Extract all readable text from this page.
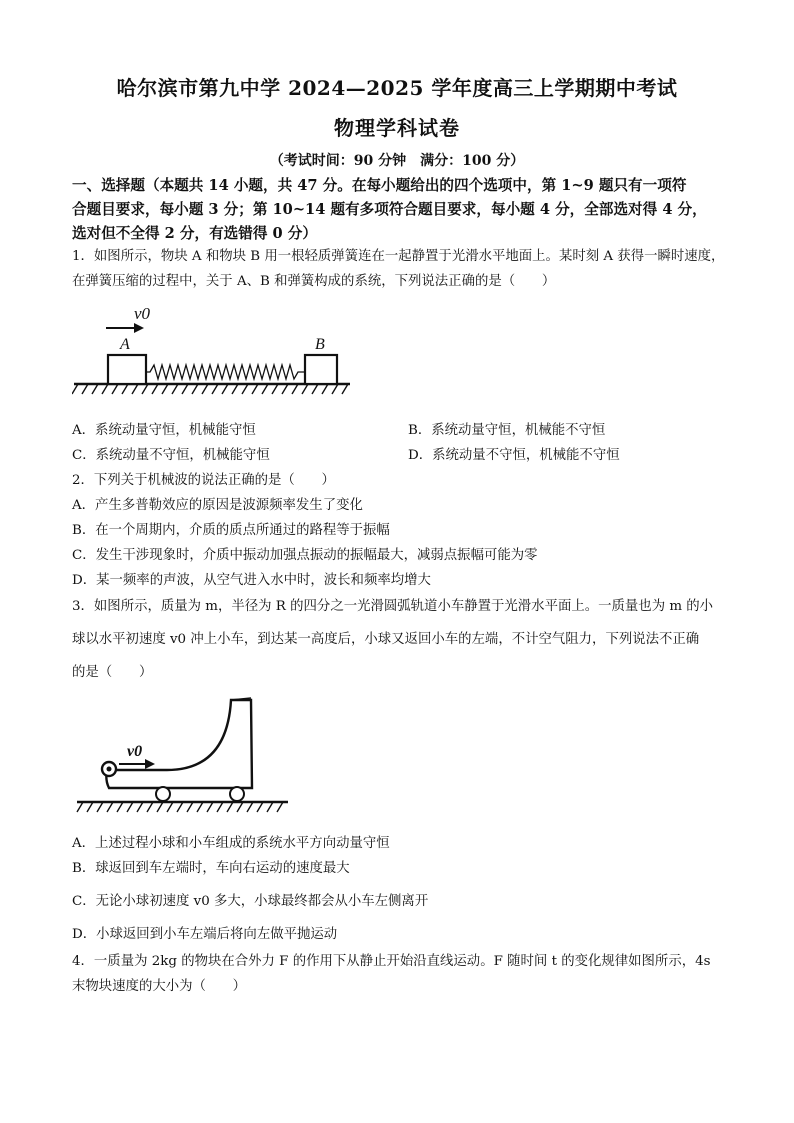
哈尔滨市第九中学 2024—2025 学年度高三上学期期中考试
物理学科试卷
（考试时间：90 分钟　满分：100 分）
一、选择题（本题共 14 小题，共 47 分。在每小题给出的四个选项中，第 1~9 题只有一项符
合题目要求，每小题 3 分；第 10~14 题有多项符合题目要求，每小题 4 分，全部选对得 4 分，
选对但不全得 2 分，有选错得 0 分）
1．如图所示，物块 A 和物块 B 用一根轻质弹簧连在一起静置于光滑水平地面上。某时刻 A 获得一瞬时速度，
在弹簧压缩的过程中，关于 A、B 和弹簧构成的系统，下列说法正确的是（　　）
v0
A	B
A．系统动量守恒，机械能守恒	B．系统动量守恒，机械能不守恒
C．系统动量不守恒，机械能守恒	D．系统动量不守恒，机械能不守恒
2．下列关于机械波的说法正确的是（　　）
A．产生多普勒效应的原因是波源频率发生了变化
B．在一个周期内，介质的质点所通过的路程等于振幅
C．发生干涉现象时，介质中振动加强点振动的振幅最大，减弱点振幅可能为零
D．某一频率的声波，从空气进入水中时，波长和频率均增大
3．如图所示，质量为 m，半径为 R 的四分之一光滑圆弧轨道小车静置于光滑水平面上。一质量也为 m 的小
球以水平初速度 v0 冲上小车，到达某一高度后，小球又返回小车的左端，不计空气阻力，下列说法不正确
的是（　　）
v0
A．上述过程小球和小车组成的系统水平方向动量守恒
B．球返回到车左端时，车向右运动的速度最大
C．无论小球初速度 v0 多大，小球最终都会从小车左侧离开
D．小球返回到小车左端后将向左做平抛运动
4．一质量为 2kg 的物块在合外力 F 的作用下从静止开始沿直线运动。F 随时间 t 的变化规律如图所示，4s
末物块速度的大小为（　　）
